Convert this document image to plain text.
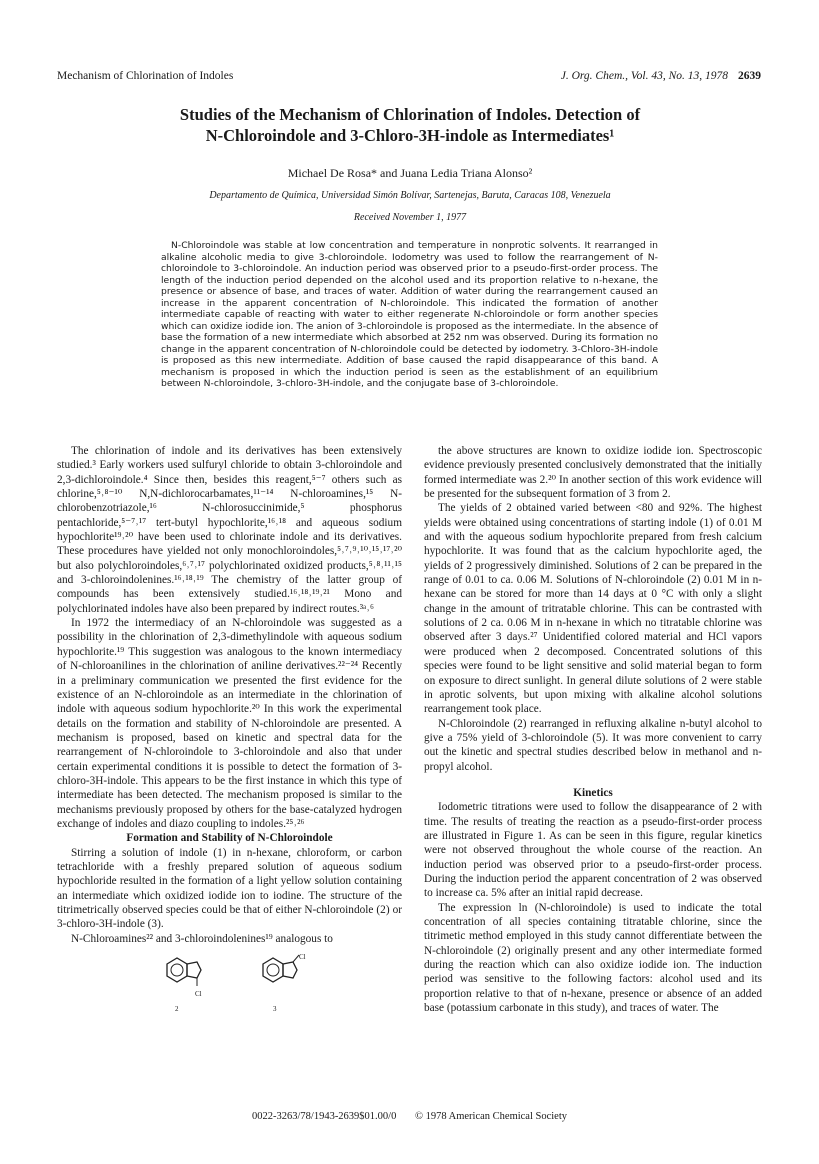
Mechanism of Chlorination of Indoles	J. Org. Chem., Vol. 43, No. 13, 1978 2639
Studies of the Mechanism of Chlorination of Indoles. Detection of
N-Chloroindole and 3-Chloro-3H-indole as Intermediates¹
Michael De Rosa* and Juana Ledia Triana Alonso²
Departamento de Química, Universidad Simón Bolívar, Sartenejas, Baruta, Caracas 108, Venezuela
Received November 1, 1977
N-Chloroindole was stable at low concentration and temperature in nonprotic solvents. It rearranged in alkaline alcoholic media to give 3-chloroindole. Iodometry was used to follow the rearrangement of N-chloroindole to 3-chloroindole. An induction period was observed prior to a pseudo-first-order process. The length of the induction period depended on the alcohol used and its proportion relative to n-hexane, the presence or absence of base, and traces of water. Addition of water during the rearrangement caused an increase in the apparent concentration of N-chloroindole. This indicated the formation of another intermediate capable of reacting with water to either regenerate N-chloroindole or form another species which can oxidize iodide ion. The anion of 3-chloroindole is proposed as the intermediate. In the absence of base the formation of a new intermediate which absorbed at 252 nm was observed. During its formation no change in the apparent concentration of N-chloroindole could be detected by iodometry. 3-Chloro-3H-indole is proposed as this new intermediate. Addition of base caused the rapid disappearance of this band. A mechanism is proposed in which the induction period is seen as the establishment of an equilibrium between N-chloroindole, 3-chloro-3H-indole, and the conjugate base of 3-chloroindole.

The chlorination of indole and its derivatives has been extensively studied.³ Early workers used sulfuryl chloride to obtain 3-chloroindole and 2,3-dichloroindole.⁴ Since then, besides this reagent,⁵⁻⁷ others such as chlorine,⁵˒⁸⁻¹⁰ N,N-dichlorocarbamates,¹¹⁻¹⁴ N-chloroamines,¹⁵ N-chlorobenzotriazole,¹⁶ N-chlorosuccinimide,⁵ phosphorus pentachloride,⁵⁻⁷˒¹⁷ tert-butyl hypochlorite,¹⁶˒¹⁸ and aqueous sodium hypochlorite¹⁹˒²⁰ have been used to chlorinate indole and its derivatives. These procedures have yielded not only monochloroindoles,⁵˒⁷˒⁹˒¹⁰˒¹⁵˒¹⁷˒²⁰ but also polychloroindoles,⁶˒⁷˒¹⁷ polychlorinated oxidized products,⁵˒⁸˒¹¹˒¹⁵ and 3-chloroindolenines.¹⁶˒¹⁸˒¹⁹ The chemistry of the latter group of compounds has been extensively studied.¹⁶˒¹⁸˒¹⁹˒²¹ Mono and polychlorinated indoles have also been prepared by indirect routes.³ᵃ˒⁶

In 1972 the intermediacy of an N-chloroindole was suggested as a possibility in the chlorination of 2,3-dimethylindole with aqueous sodium hypochlorite.¹⁹ This suggestion was analogous to the known intermediacy of N-chloroanilines in the chlorination of aniline derivatives.²²⁻²⁴ Recently in a preliminary communication we presented the first evidence for the existence of an N-chloroindole as an intermediate in the chlorination of indole with aqueous sodium hypochlorite.²⁰ In this work the experimental details on the formation and stability of N-chloroindole are presented. A mechanism is proposed, based on kinetic and spectral data for the rearrangement of N-chloroindole to 3-chloroindole and also that under certain experimental conditions it is possible to detect the formation of 3-chloro-3H-indole. This appears to be the first instance in which this type of intermediate has been detected. The mechanism proposed is similar to the mechanisms previously proposed by others for the base-catalyzed hydrogen exchange of indoles and diazo coupling to indoles.²⁵˒²⁶

Formation and Stability of N-Chloroindole

Stirring a solution of indole (1) in n-hexane, chloroform, or carbon tetrachloride with a freshly prepared solution of aqueous sodium hypochloride resulted in the formation of a light yellow solution containing an intermediate which oxidized iodide ion to iodine. The structure of the titrimetrically observed species could be that of either N-chloroindole (2) or 3-chloro-3H-indole (3).

N-Chloroamines²² and 3-chloroindolenines¹⁹ analogous to

Cl
2
Cl
3

the above structures are known to oxidize iodide ion. Spectroscopic evidence previously presented conclusively demonstrated that the initially formed intermediate was 2.²⁰ In another section of this work evidence will be presented for the subsequent formation of 3 from 2.

The yields of 2 obtained varied between <80 and 92%. The highest yields were obtained using concentrations of starting indole (1) of 0.01 M and with the aqueous sodium hypochlorite prepared from fresh calcium hypochlorite. It was found that as the calcium hypochlorite aged, the yields of 2 progressively diminished. Solutions of 2 can be prepared in the range of 0.01 to ca. 0.06 M. Solutions of N-chloroindole (2) 0.01 M in n-hexane can be stored for more than 14 days at 0 °C with only a slight change in the amount of tritratable chlorine. This can be contrasted with solutions of 2 ca. 0.06 M in n-hexane in which no titratable chlorine was observed after 3 days.²⁷ Unidentified colored material and HCl vapors were produced when 2 decomposed. Concentrated solutions of this species were found to be light sensitive and solid material began to form on exposure to direct sunlight. In general dilute solutions of 2 were stable in aprotic solvents, but upon mixing with alkaline alcohol solutions rearrangement took place.

N-Chloroindole (2) rearranged in refluxing alkaline n-butyl alcohol to give a 75% yield of 3-chloroindole (5). It was more convenient to carry out the kinetic and spectral studies described below in methanol and n-propyl alcohol.

Kinetics

Iodometric titrations were used to follow the disappearance of 2 with time. The results of treating the reaction as a pseudo-first-order process are illustrated in Figure 1. As can be seen in this figure, regular kinetics were not observed throughout the whole course of the reaction. An induction period was observed prior to a pseudo-first-order process. During the induction period the apparent concentration of 2 was observed to increase ca. 5% after an initial rapid decrease.

The expression ln (N-chloroindole) is used to indicate the total concentration of all species containing titratable chlorine, since the titrimetic method employed in this study cannot differentiate between the N-chloroindole (2) originally present and any other intermediate formed during the reaction which can also oxidize iodide ion. The induction period was sensitive to the following factors: alcohol used and its proportion relative to that of n-hexane, presence or absence of an added base (potassium carbonate in this study), and traces of water. The

0022-3263/78/1943-2639$01.00/0 © 1978 American Chemical Society
